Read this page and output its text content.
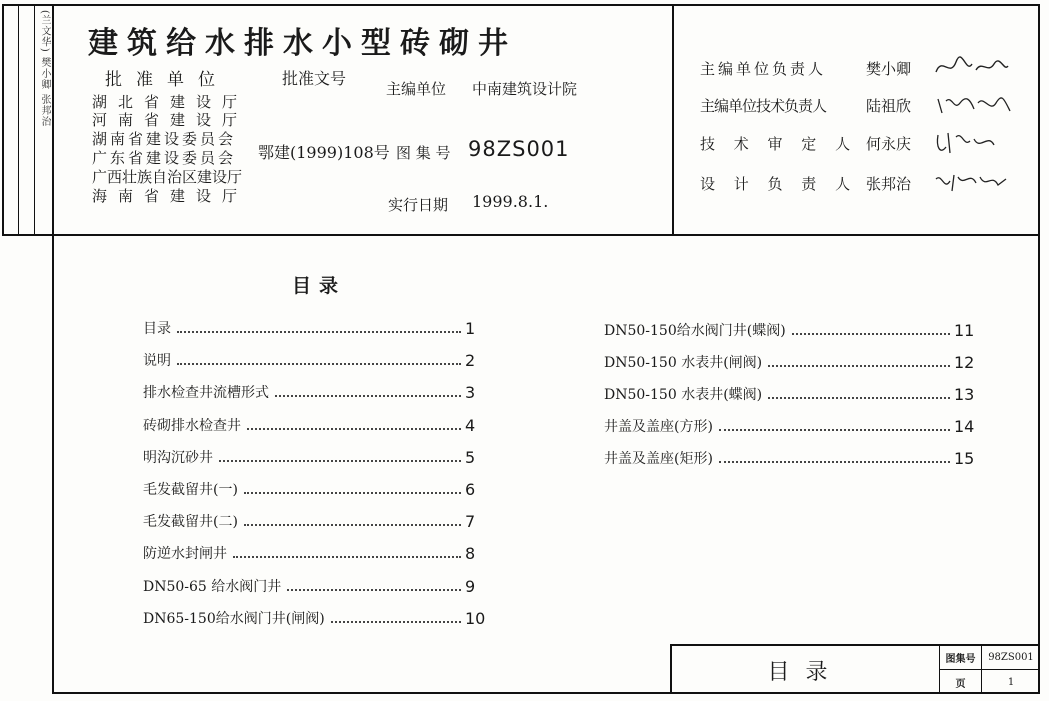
(兰文华) 樊小卿 张邦治 建筑给水排水小型砖砌井
批准单位
湖北省建设厅
河南省建设厅
湖南省建设委员会
广东省建设委员会
广西壮族自治区建设厅
海南省建设厅
批准文号
鄂建(1999)108号
主编单位 中南建筑设计院
图 集 号 98ZS001
实行日期 1999.8.1.
主编单位负责人	樊小卿
主编单位技术负责人	陆祖欣
技 术 审 定 人 何永庆
设 计 负 责 人 张邦治
目录
目录	1
说明	2
排水检查井流槽形式	3
砖砌排水检查井	4
明沟沉砂井	5
毛发截留井(一)	6
毛发截留井(二)	7
防逆水封闸井	8
DN50-65 给水阀门井	9
DN65-150给水阀门井(闸阀)	10
DN50-150给水阀门井(蝶阀)	11
DN50-150 水表井(闸阀)	12
DN50-150 水表井(蝶阀)	13
井盖及盖座(方形)	14
井盖及盖座(矩形)	15
目录	图集号	98ZS001
页	1
